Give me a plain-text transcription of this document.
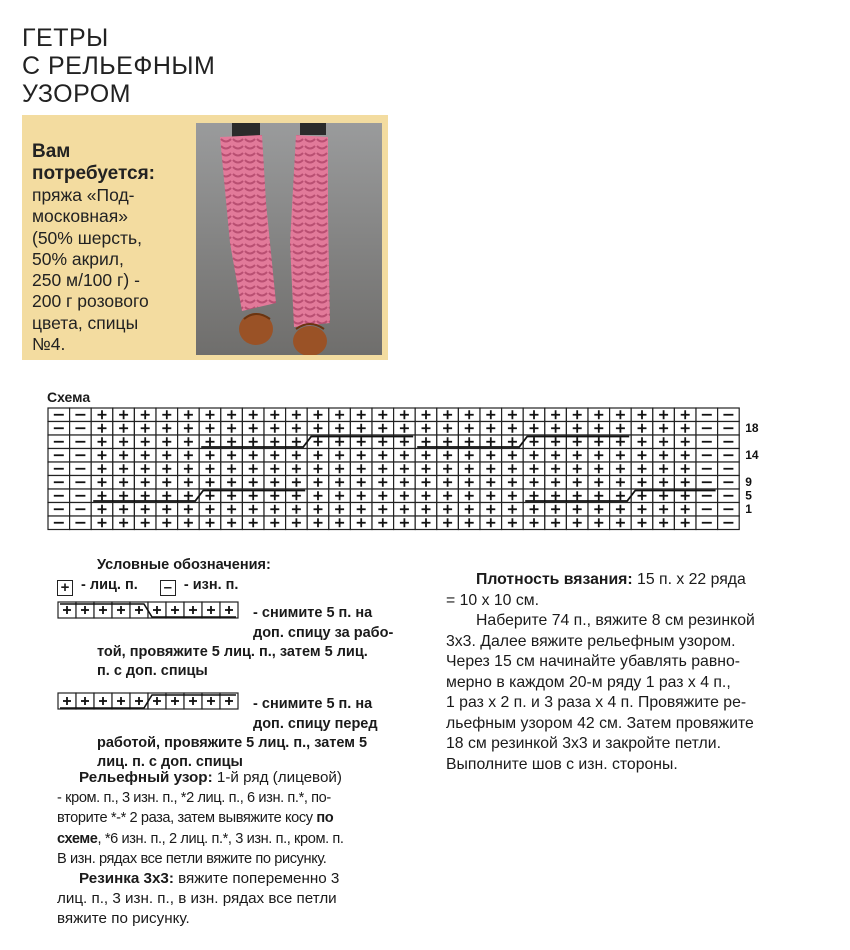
ГЕТРЫ
С РЕЛЬЕФНЫМ
УЗОРОМ
Вам
потребуется:
пряжа «Под-
московная»
(50% шерсть,
50% акрил,
250 м/100 г) -
200 г розового
цвета, спицы
№4.
Схема
18
14
9
5
1
Условные обозначения:
+ - лиц. п. – - изн. п.
- снимите 5 п. на
доп. спицу за рабо-
той, провяжите 5 лиц. п., затем 5 лиц.
п. с доп. спицы
- снимите 5 п. на
доп. спицу перед
работой, провяжите 5 лиц. п., затем 5
лиц. п. с доп. спицы

Рельефный узор: 1-й ряд (лицевой)

- кром. п., 3 изн. п., *2 лиц. п., 6 изн. п.*, по-
вторите *-* 2 раза, затем вывяжите косу по
схеме, *6 изн. п., 2 лиц. п.*, 3 изн. п., кром. п.
В изн. рядах все петли вяжите по рисунку.

Резинка 3х3: вяжите попеременно 3

лиц. п., 3 изн. п., в изн. рядах все петли
вяжите по рисунку.

Плотность вязания: 15 п. х 22 ряда

= 10 х 10 см.
Наберите 74 п., вяжите 8 см резинкой
3х3. Далее вяжите рельефным узором.
Через 15 см начинайте убавлять равно-
мерно в каждом 20-м ряду 1 раз х 4 п.,
1 раз х 2 п. и 3 раза х 4 п. Провяжите ре-
льефным узором 42 см. Затем провяжите
18 см резинкой 3х3 и закройте петли.
Выполните шов с изн. стороны.
